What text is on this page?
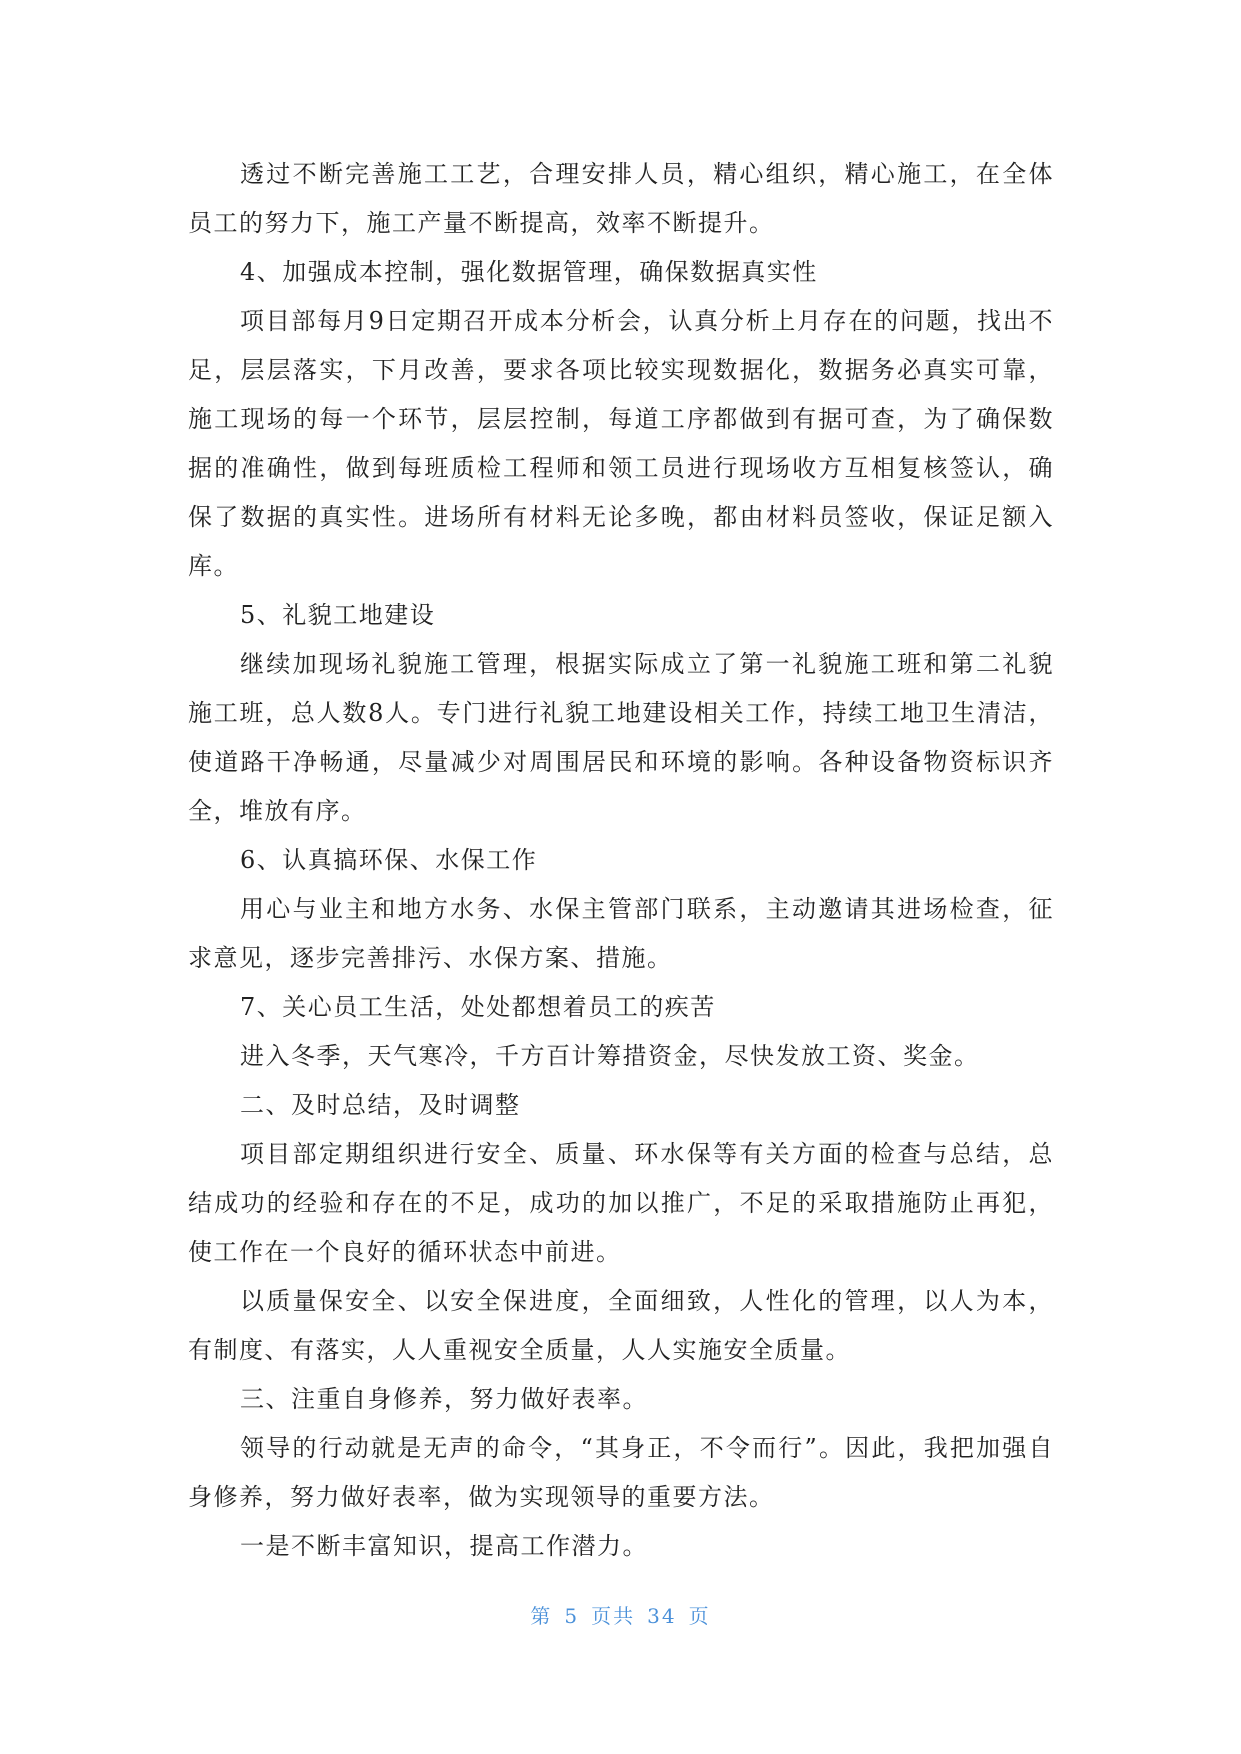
透过不断完善施工工艺，合理安排人员，精心组织，精心施工，在全体员工的努力下，施工产量不断提高，效率不断提升。

4、加强成本控制，强化数据管理，确保数据真实性

项目部每月9日定期召开成本分析会，认真分析上月存在的问题，找出不足，层层落实，下月改善，要求各项比较实现数据化，数据务必真实可靠，施工现场的每一个环节，层层控制，每道工序都做到有据可查，为了确保数据的准确性，做到每班质检工程师和领工员进行现场收方互相复核签认，确保了数据的真实性。进场所有材料无论多晚，都由材料员签收，保证足额入库。

5、礼貌工地建设

继续加现场礼貌施工管理，根据实际成立了第一礼貌施工班和第二礼貌施工班，总人数8人。专门进行礼貌工地建设相关工作，持续工地卫生清洁，使道路干净畅通，尽量减少对周围居民和环境的影响。各种设备物资标识齐全，堆放有序。

6、认真搞环保、水保工作

用心与业主和地方水务、水保主管部门联系，主动邀请其进场检查，征求意见，逐步完善排污、水保方案、措施。

7、关心员工生活，处处都想着员工的疾苦

进入冬季，天气寒冷，千方百计筹措资金，尽快发放工资、奖金。

二、及时总结，及时调整

项目部定期组织进行安全、质量、环水保等有关方面的检查与总结，总结成功的经验和存在的不足，成功的加以推广，不足的采取措施防止再犯，使工作在一个良好的循环状态中前进。

以质量保安全、以安全保进度，全面细致，人性化的管理，以人为本，有制度、有落实，人人重视安全质量，人人实施安全质量。

三、注重自身修养，努力做好表率。

领导的行动就是无声的命令，“其身正，不令而行”。因此，我把加强自身修养，努力做好表率，做为实现领导的重要方法。

一是不断丰富知识，提高工作潜力。

第 5 页共 34 页
